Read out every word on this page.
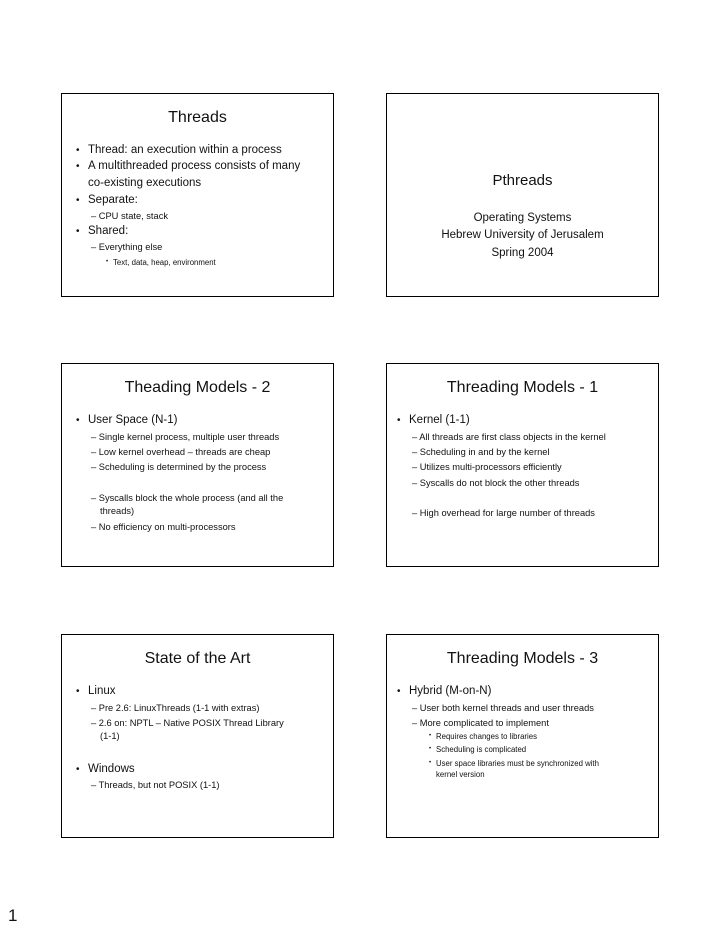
Threads
• Thread: an execution within a process
• A multithreaded process consists of many
co-existing executions
• Separate:
– CPU state, stack
• Shared:
– Everything else
• Text, data, heap, environment
Pthreads
Operating Systems
Hebrew University of Jerusalem
Spring 2004
Theading Models - 2
• User Space (N-1)
– Single kernel process, multiple user threads
– Low kernel overhead – threads are cheap
– Scheduling is determined by the process
– Syscalls block the whole process (and all the
threads)
– No efficiency on multi-processors
Threading Models - 1
• Kernel (1-1)
– All threads are first class objects in the kernel
– Scheduling in and by the kernel
– Utilizes multi-processors efficiently
– Syscalls do not block the other threads
– High overhead for large number of threads
State of the Art
• Linux
– Pre 2.6: LinuxThreads (1-1 with extras)
– 2.6 on: NPTL – Native POSIX Thread Library
(1-1)
• Windows
– Threads, but not POSIX (1-1)
Threading Models - 3
• Hybrid (M-on-N)
– User both kernel threads and user threads
– More complicated to implement
• Requires changes to libraries
• Scheduling is complicated
• User space libraries must be synchronized with
kernel version
1
